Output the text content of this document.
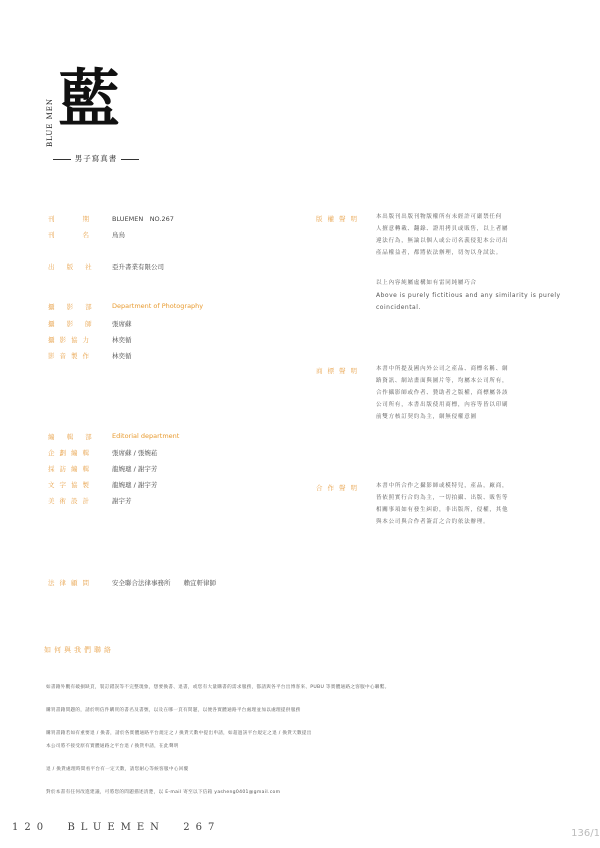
BLUE MEN 藍
男子寫真書
刊　　期	BLUEMEN　NO.267
刊　　名	鳥鳥
出 版 社 亞升書業有限公司
攝 影 部 Department of Photography
攝 影 師 張席蘇
攝影協力	林奕循
影音製作	林奕循
編 輯 部 Editorial department
企劃編輯	張席蘇 / 張婉菘
採訪編輯	龍婉璁 / 謝宇芳
文字協製	龍婉璁 / 謝宇芳
美術設計	謝宇芳
法律顧問	安全聯合法律事務所　　賴宜軒律師
版權聲明	本出版刊出版刊物版權所有未經許可嚴禁任何
人擅意轉載、翻錄、證用拷貝或販售，以上者屬
違法行為，無論以個人或公司名義侵犯本公司出
產品權益者，都將依法辦理，切勿以身試法。
以上內容純屬虛構如有雷同純屬巧合
Above is purely fictitious and any similarity is purely
coincidental.
商標聲明	本書中所提及國內外公司之產品、商標名稱、網
路資訊、網站畫面與圖片等，均屬本公司所有，
合作攝影師或作者、贊助者之版權，商標屬各該
公司所有，本書出版使用商標，內容等皆以印刷
前雙方核訂契約為主，網無侵權意圖
合作聲明	本書中所合作之攝影師或模特兒，產品，廠商，
皆依照實行合約為主，一切拍攝、出版、販售等
相關事項如有發生糾紛，非出版所，侵權，其他
與本公司與合作者簽訂之合約依法辦理。
如何與我們聯絡
如書籍外觀有破損缺頁，裝訂錯誤等不完整現象，想要換書、退書，或您有大量購書的需求服務，都請與各平台出博客來、PUBU 等實體通路之客服中心聯繫。
購買書籍問題的，請於明信件購買的書名及書號，以及在哪一頁有問題，以便各實體通路平台處理並加以處理提供服務
購買書籍若如有重要退 / 換書，請於各實體通路平台規定之 / 換貨天數中提出申請，如超過該平台規定之退 / 換貨天數提出
本公司將不接受原有實體通路之平台退 / 換貨申請，在此聲明
退 / 換貨處理時間看平台有一定天數，請您耐心等候客服中心回覆
對於本書有任何改進建議，可將您的問題描述清楚，以 E-mail 寄至以下信箱 yasheng0401@gmail.com
120  BLUEMEN  267
136/1
